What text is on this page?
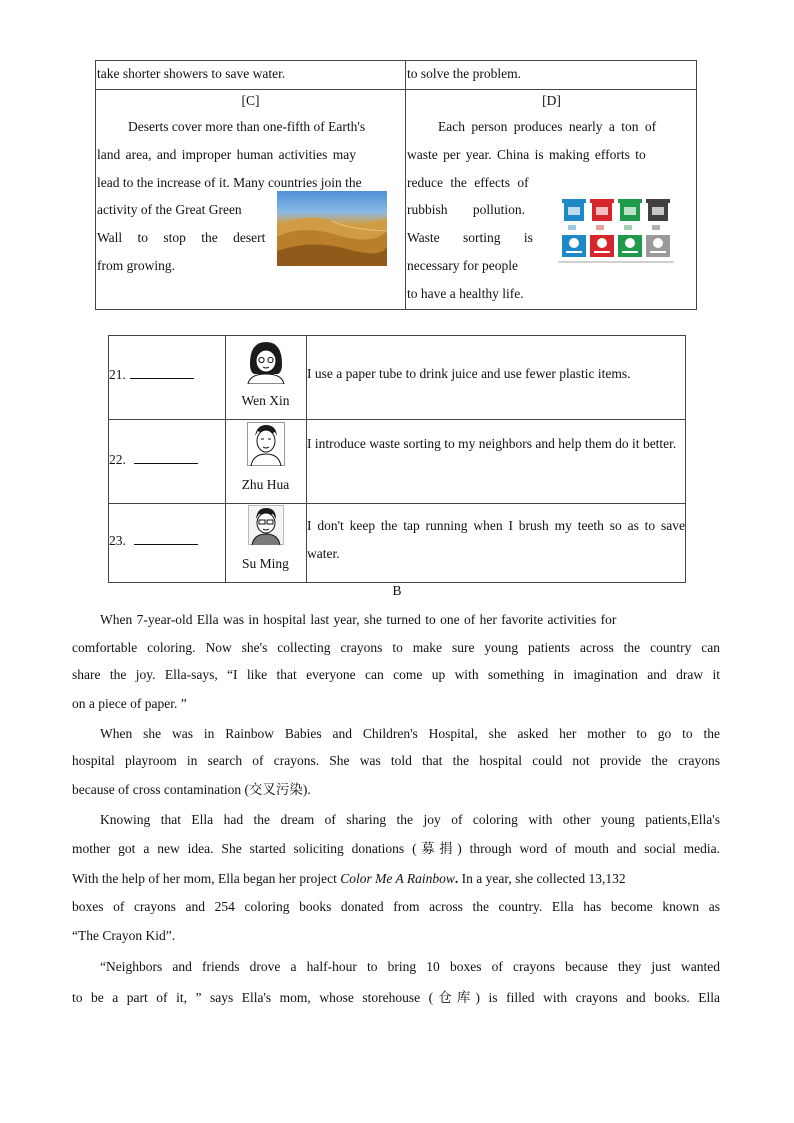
take shorter showers to save water.	to solve the problem.
[C]	[D]
Deserts cover more than one-fifth of Earth's
land area, and improper human activities may
lead to the increase of it. Many countries join the
activity of the Great Green
Wall to stop the desert
from growing.
Each person produces nearly a ton of
waste per year. China is making efforts to
reduce the effects of
rubbish pollution.
Waste sorting is
necessary for people
to have a healthy life.
21.
Wen Xin
I use a paper tube to drink juice and use fewer plastic items.
22.
Zhu Hua
I introduce waste sorting to my neighbors and help them do it better.
23.
Su Ming
I don't keep the tap running when I brush my teeth so as to save water.
B
When 7-year-old Ella was in hospital last year, she turned to one of her favorite activities for
comfortable coloring. Now she's collecting crayons to make sure young patients across the country can
share the joy. Ella-says, “I like that everyone can come up with something in imagination and draw it
on a piece of paper. ”
When she was in Rainbow Babies and Children's Hospital, she asked her mother to go to the
hospital playroom in search of crayons. She was told that the hospital could not provide the crayons
because of cross contamination (交叉污染).
Knowing that Ella had the dream of sharing the joy of coloring with other young patients,Ella's
mother got a new idea. She started soliciting donations (募捐) through word of mouth and social media.
With the help of her mom, Ella began her project Color Me A Rainbow. In a year, she collected 13,132
boxes of crayons and 254 coloring books donated from across the country. Ella has become known as
“The Crayon Kid”.
“Neighbors and friends drove a half-hour to bring 10 boxes of crayons because they just wanted
to be a part of it, ” says Ella's mom, whose storehouse (仓库) is filled with crayons and books. Ella
